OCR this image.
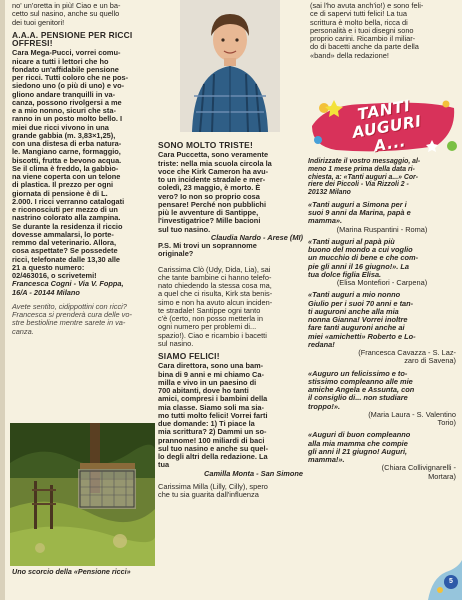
no' un'oretta in più! Ciao e un ba-
cetto sul nasino, anche su quello
dei tuoi genitori!

A.A.A. PENSIONE PER RICCI
OFFRESI!

Cara Mega-Pucci, vorrei comu-
nicare a tutti i lettori che ho
fondato un'affidabile pensione
per ricci. Tutti coloro che ne pos-
siedono uno (o più di uno) e vo-
gliono andare tranquilli in va-
canza, possono rivolgersi a me
e a mio nonno, sicuri che sta-
ranno in un posto molto bello. I
miei due ricci vivono in una
grande gabbia (m. 3,83×1,25),
con una distesa di erba natura-
le. Mangiano carne, formaggio,
biscotti, frutta e bevono acqua.
Se il clima è freddo, la gabbio-
na viene coperta con un telone
di plastica. Il prezzo per ogni
giornata di pensione è di L.
2.000. I ricci verranno catalogati
e riconosciuti per mezzo di un
nastrino colorato alla zampina.
Se durante la residenza il riccio
dovesse ammalarsi, lo porte-
remmo dal veterinario. Allora,
cosa aspettate? Se possedete
ricci, telefonate dalle 13,30 alle
21 a questo numero:
02/463016, o scrivetemi!

Francesca Cogni - Via V. Foppa,
16/A - 20144 Milano

Avete sentito, cidippottini con ricci?
Francesca si prenderà cura delle vo-
stre bestioline mentre sarete in va-
canza.

Uno scorcio della «Pensione ricci»

SONO MOLTO TRISTE!

Cara Puccetta, sono veramente
triste: nella mia scuola circola la
voce che Kirk Cameron ha avu-
to un incidente stradale e mer-
coledì, 23 maggio, è morto. È
vero? Io non so proprio cosa
pensare! Perché non pubblichi
più le avventure di Santippe,
l'investigatrice? Mille bacioni
sul tuo nasino.

Claudia Nardo - Arese (MI)

P.S. Mi trovi un soprannome
originale?

Carissima Clò (Udy, Dida, Lia), sai
che tante bambine ci hanno telefo-
nato chiedendo la stessa cosa ma,
a quel che ci risulta, Kirk sta benis-
simo e non ha avuto alcun inciden-
te stradale! Santippe ogni tanto
c'è (certo, non posso metterla in
ogni numero per problemi di...
spazio!). Ciao e ricambio i bacetti
sul nasino.

SIAMO FELICI!

Cara direttora, sono una bam-
bina di 9 anni e mi chiamo Ca-
milla e vivo in un paesino di
700 abitanti, dove ho tanti
amici, compresi i bambini della
mia classe. Siamo soli ma sia-
mo tutti molto felici! Vorrei farti
due domande: 1) Ti piace la
mia scrittura? 2) Dammi un so-
prannome! 100 miliardi di baci
sul tuo nasino e anche su quel-
lo degli altri della redazione. La
tua

Camilla Monta - San Simone

Carissima Milla (Lilly, Cilly), spero
che tu sia guarita dall'influenza

(sai l'ho avuta anch'io!) e sono feli-
ce di sapervi tutti felici! La tua
scrittura è molto bella, ricca di
personalità e i tuoi disegni sono
proprio carini. Ricambio il miliar-
do di bacetti anche da parte della
«band» della redazione!

TANTI
AUGURI
A...

Indirizzate il vostro messaggio, al-
meno 1 mese prima della data ri-
chiesta, a: «Tanti auguri a...» Cor-
riere dei Piccoli - Via Rizzoli 2 -
20132 Milano

«Tanti auguri a Simona per i
suoi 9 anni da Marina, papà e
mamma».

(Marina Ruspantini - Roma)

«Tanti auguri al papà più
buono del mondo a cui voglio
un mucchio di bene e che com-
pie gli anni il 16 giugno!». La
tua dolce figlia Elisa.

(Elisa Montefiori - Carpena)

«Tanti auguri a mio nonno
Giulio per i suoi 70 anni e tan-
ti auguroni anche alla mia
nonna Gianna! Vorrei inoltre
fare tanti auguroni anche ai
miei «amichetti» Roberto e Lo-
redana!

(Francesca Cavazza - S. Laz-
zaro di Savena)

«Auguro un felicissimo e to-
stissimo compleanno alle mie
amiche Angela e Assunta, con
il consiglio di... non studiare
troppo!».

(Maria Laura - S. Valentino
Torio)

«Auguri di buon compleanno
alla mia mamma che compie
gli anni il 21 giugno! Auguri,
mamma!».

(Chiara Collivignarelli -
Mortara)

5
